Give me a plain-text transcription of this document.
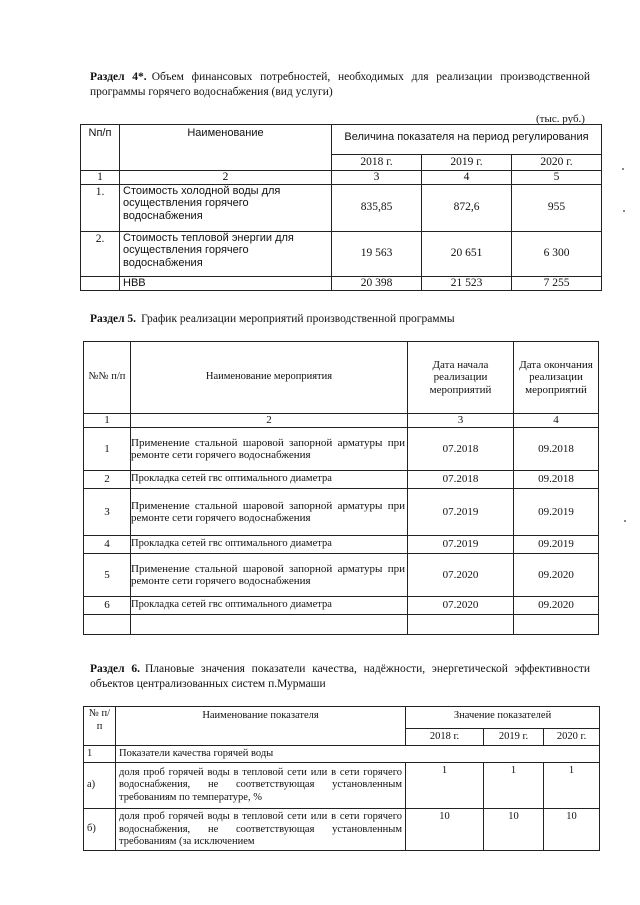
Раздел 4*. Объем финансовых потребностей, необходимых для реализации производственной программы горячего водоснабжения (вид услуги)
(тыс. руб.)
Nп/п	Наименование	Величина показателя на период регулирования		
		2018 г.	2019 г.	2020 г.
1	2	3	4	5
1.	Стоимость холодной воды для осуществления горячего водоснабжения	835,85	872,6	955
2.	Стоимость тепловой энергии для осуществления горячего водоснабжения	19 563	20 651	6 300
	НВВ	20 398	21 523	7 255
Раздел 5. График реализации мероприятий производственной программы
№№ п/п	Наименование мероприятия	Дата начала реализации мероприятий	Дата окончания реализации мероприятий
1	2	3	4
1	Применение стальной шаровой запорной арматуры при ремонте сети горячего водоснабжения	07.2018	09.2018
2	Прокладка сетей гвс оптимального диаметра	07.2018	09.2018
3	Применение стальной шаровой запорной арматуры при ремонте сети горячего водоснабжения	07.2019	09.2019
4	Прокладка сетей гвс оптимального диаметра	07.2019	09.2019
5	Применение стальной шаровой запорной арматуры при ремонте сети горячего водоснабжения	07.2020	09.2020
6	Прокладка сетей гвс оптимального диаметра	07.2020	09.2020

Раздел 6. Плановые значения показатели качества, надёжности, энергетической эффективности объектов централизованных систем п.Мурмаши
№ п/п	Наименование показателя	Значение показателей		
		2018 г.	2019 г.	2020 г.
1	Показатели качества горячей воды			
а)	доля проб горячей воды в тепловой сети или в сети горячего водоснабжения, не соответствующая установленным требованиям по температуре, %	1	1	1
б)	доля проб горячей воды в тепловой сети или в сети горячего водоснабжения, не соответствующая установленным требованиям (за исключением	10	10	10
